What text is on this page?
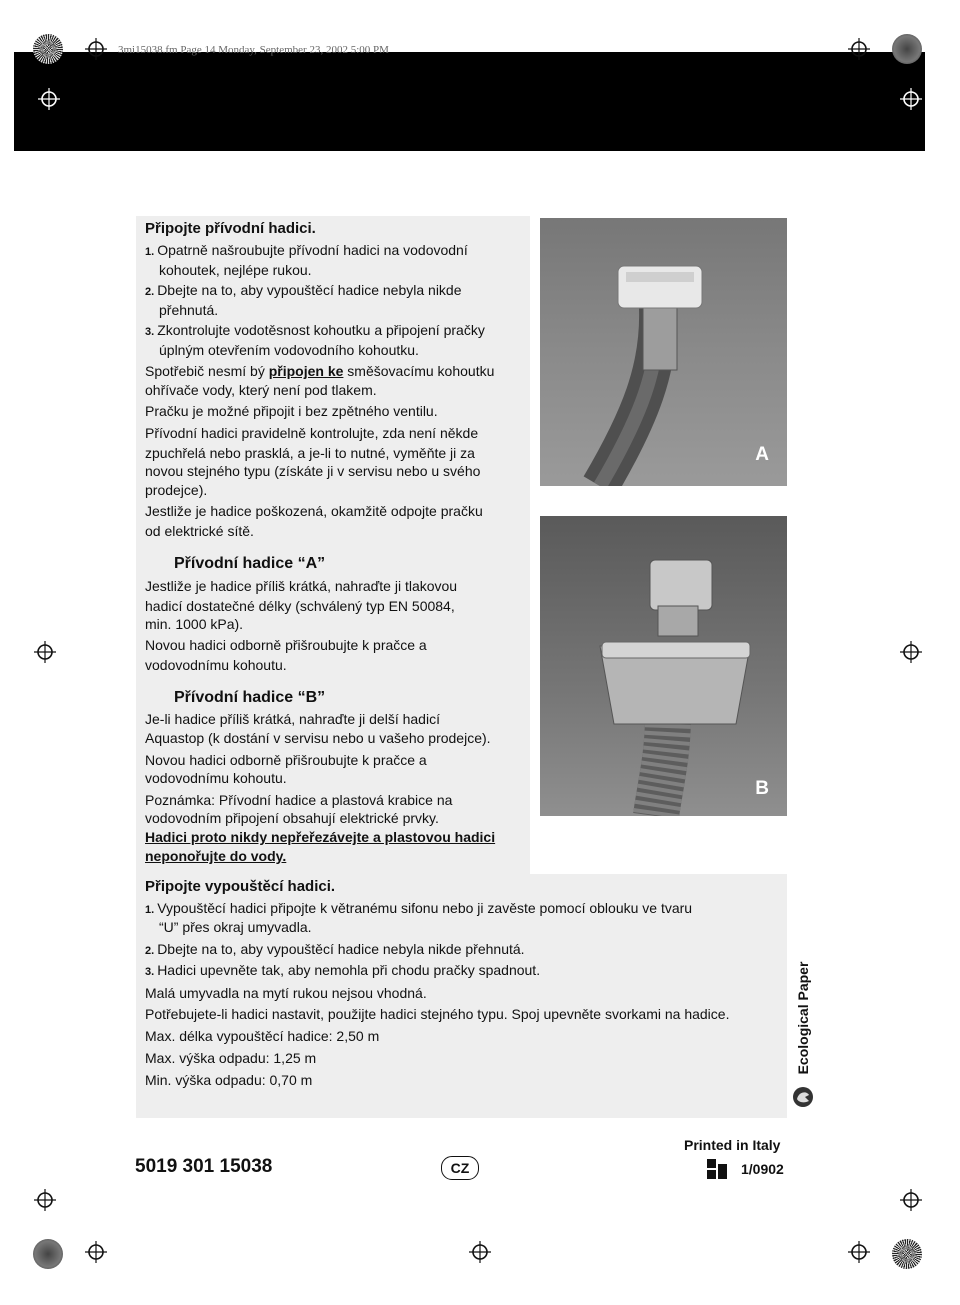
3mi15038.fm Page 14 Monday, September 23, 2002 5:00 PM
A
B
Připojte přívodní hadici.
1. Opatrně našroubujte přívodní hadici na vodovodní
kohoutek, nejlépe rukou.
2. Dbejte na to, aby vypouštěcí hadice nebyla nikde
přehnutá.
3. Zkontrolujte vodotěsnost kohoutku a připojení pračky
úplným otevřením vodovodního kohoutku.
Spotřebič nesmí bý připojen ke směšovacímu kohoutku
ohřívače vody, který není pod tlakem.
Pračku je možné připojit i bez zpětného ventilu.
Přívodní hadici pravidelně kontrolujte, zda není někde
zpuchřelá nebo prasklá, a je-li to nutné, vyměňte ji za
novou stejného typu (získáte ji v servisu nebo u svého
prodejce).
Jestliže je hadice poškozená, okamžitě odpojte pračku
od elektrické sítě.
Přívodní hadice “A”
Jestliže je hadice příliš krátká, nahraďte ji tlakovou
hadicí dostatečné délky (schválený typ EN 50084,
min. 1000 kPa).
Novou hadici odborně přišroubujte k pračce a
vodovodnímu kohoutu.
Přívodní hadice “B”
Je-li hadice příliš krátká, nahraďte ji delší hadicí
Aquastop (k dostání v servisu nebo u vašeho prodejce).
Novou hadici odborně přišroubujte k pračce a
vodovodnímu kohoutu.
Poznámka: Přívodní hadice a plastová krabice na
vodovodním připojení obsahují elektrické prvky.
Hadici proto nikdy nepřeřezávejte a plastovou hadici
neponořujte do vody.
Připojte vypouštěcí hadici.
1. Vypouštěcí hadici připojte k větranému sifonu nebo ji zavěste pomocí oblouku ve tvaru
“U” přes okraj umyvadla.
2. Dbejte na to, aby vypouštěcí hadice nebyla nikde přehnutá.
3. Hadici upevněte tak, aby nemohla při chodu pračky spadnout.
Malá umyvadla na mytí rukou nejsou vhodná.
Potřebujete-li hadici nastavit, použijte hadici stejného typu. Spoj upevněte svorkami na hadice.
Max. délka vypouštěcí hadice: 2,50 m
Max. výška odpadu: 1,25 m
Min. výška odpadu: 0,70 m
Ecological Paper
5019 301 15038	CZ
Printed in Italy
1/0902
